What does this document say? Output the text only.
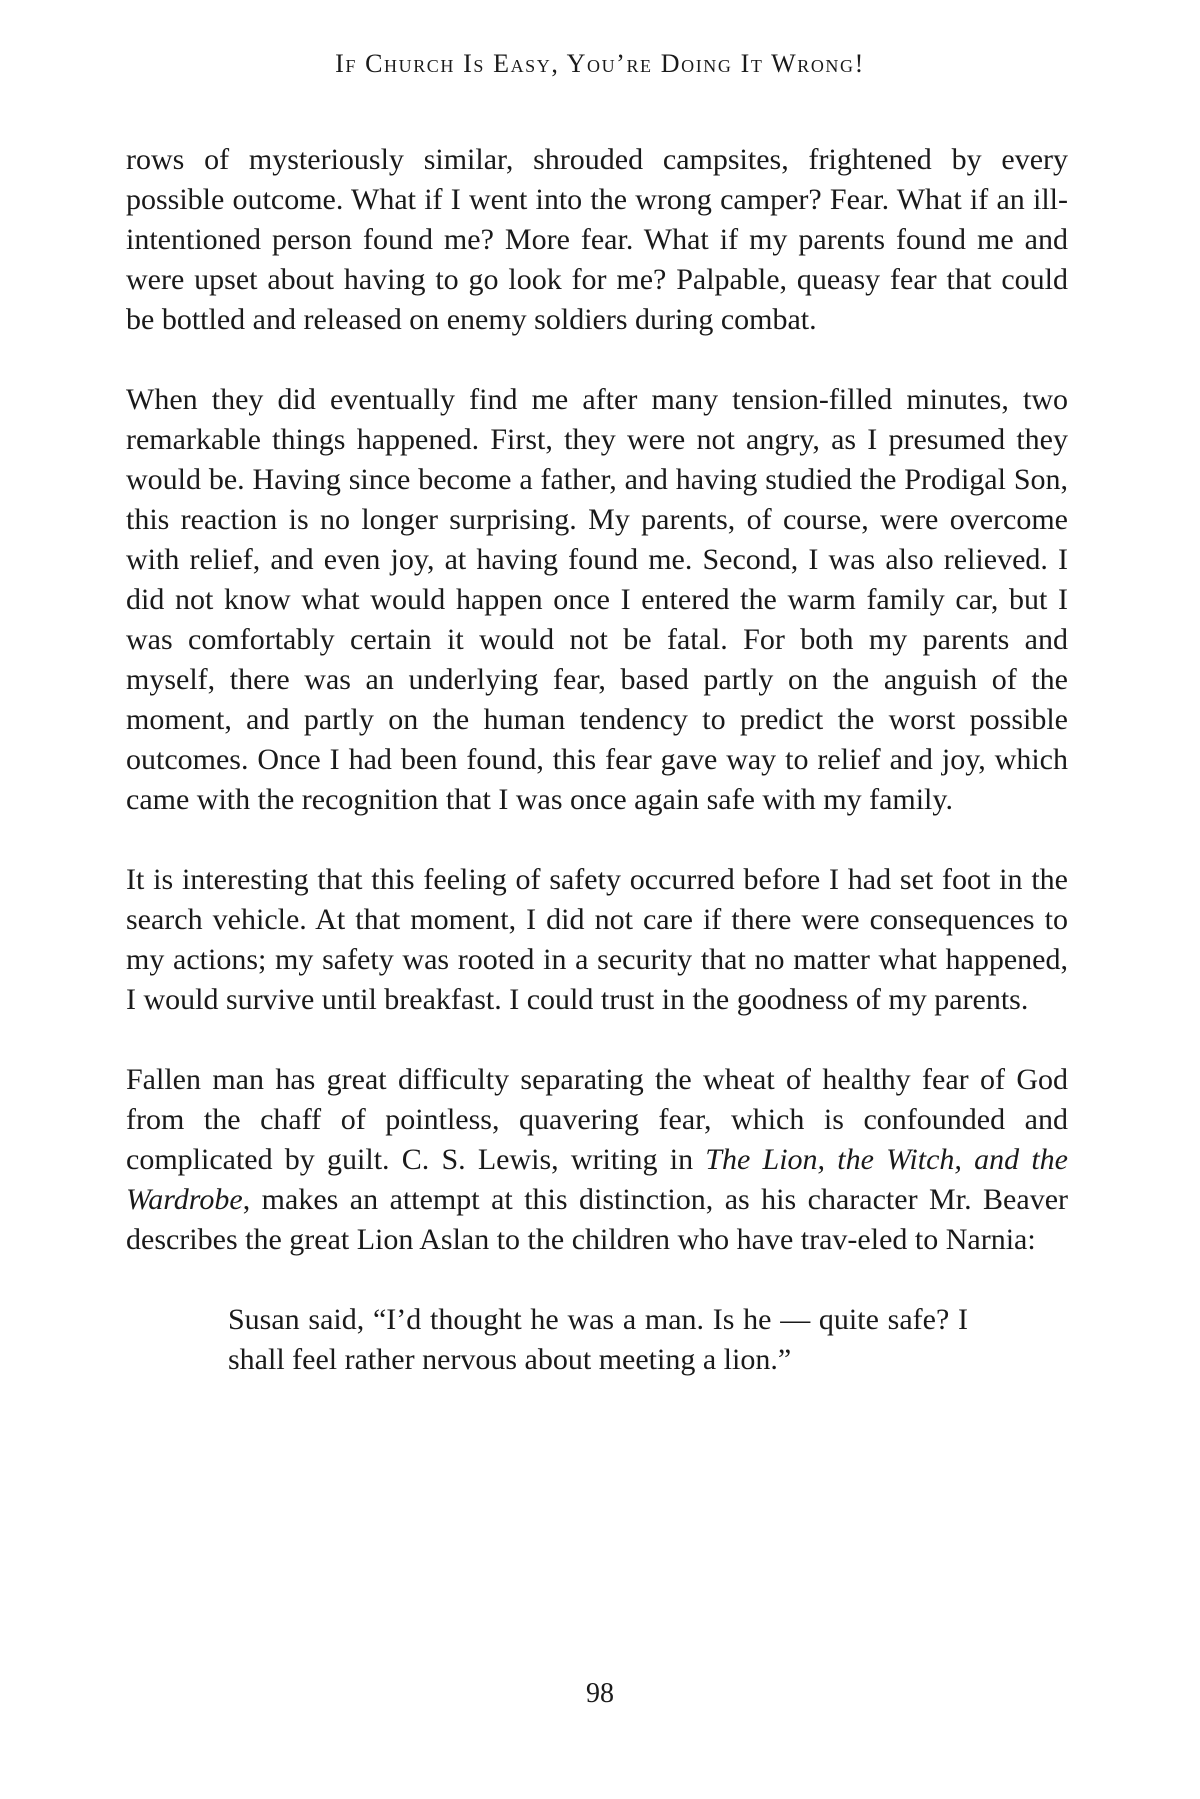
If Church Is Easy, You’re Doing It Wrong!

rows of mysteriously similar, shrouded campsites, frightened by every possible outcome. What if I went into the wrong camper? Fear. What if an ill-intentioned person found me? More fear. What if my parents found me and were upset about having to go look for me? Palpable, queasy fear that could be bottled and released on enemy soldiers during combat.

When they did eventually find me after many tension-filled minutes, two remarkable things happened. First, they were not angry, as I presumed they would be. Having since become a father, and having studied the Prodigal Son, this reaction is no longer surprising. My parents, of course, were overcome with relief, and even joy, at having found me. Second, I was also relieved. I did not know what would happen once I entered the warm family car, but I was comfortably certain it would not be fatal. For both my parents and myself, there was an underlying fear, based partly on the anguish of the moment, and partly on the human tendency to predict the worst possible outcomes. Once I had been found, this fear gave way to relief and joy, which came with the recognition that I was once again safe with my family.

It is interesting that this feeling of safety occurred before I had set foot in the search vehicle. At that moment, I did not care if there were consequences to my actions; my safety was rooted in a security that no matter what happened, I would survive until breakfast. I could trust in the goodness of my parents.

Fallen man has great difficulty separating the wheat of healthy fear of God from the chaff of pointless, quavering fear, which is confounded and complicated by guilt. C. S. Lewis, writing in The Lion, the Witch, and the Wardrobe, makes an attempt at this distinction, as his character Mr. Beaver describes the great Lion Aslan to the children who have trav-eled to Narnia:

Susan said, “I’d thought he was a man. Is he — quite safe? I shall feel rather nervous about meeting a lion.”

98
